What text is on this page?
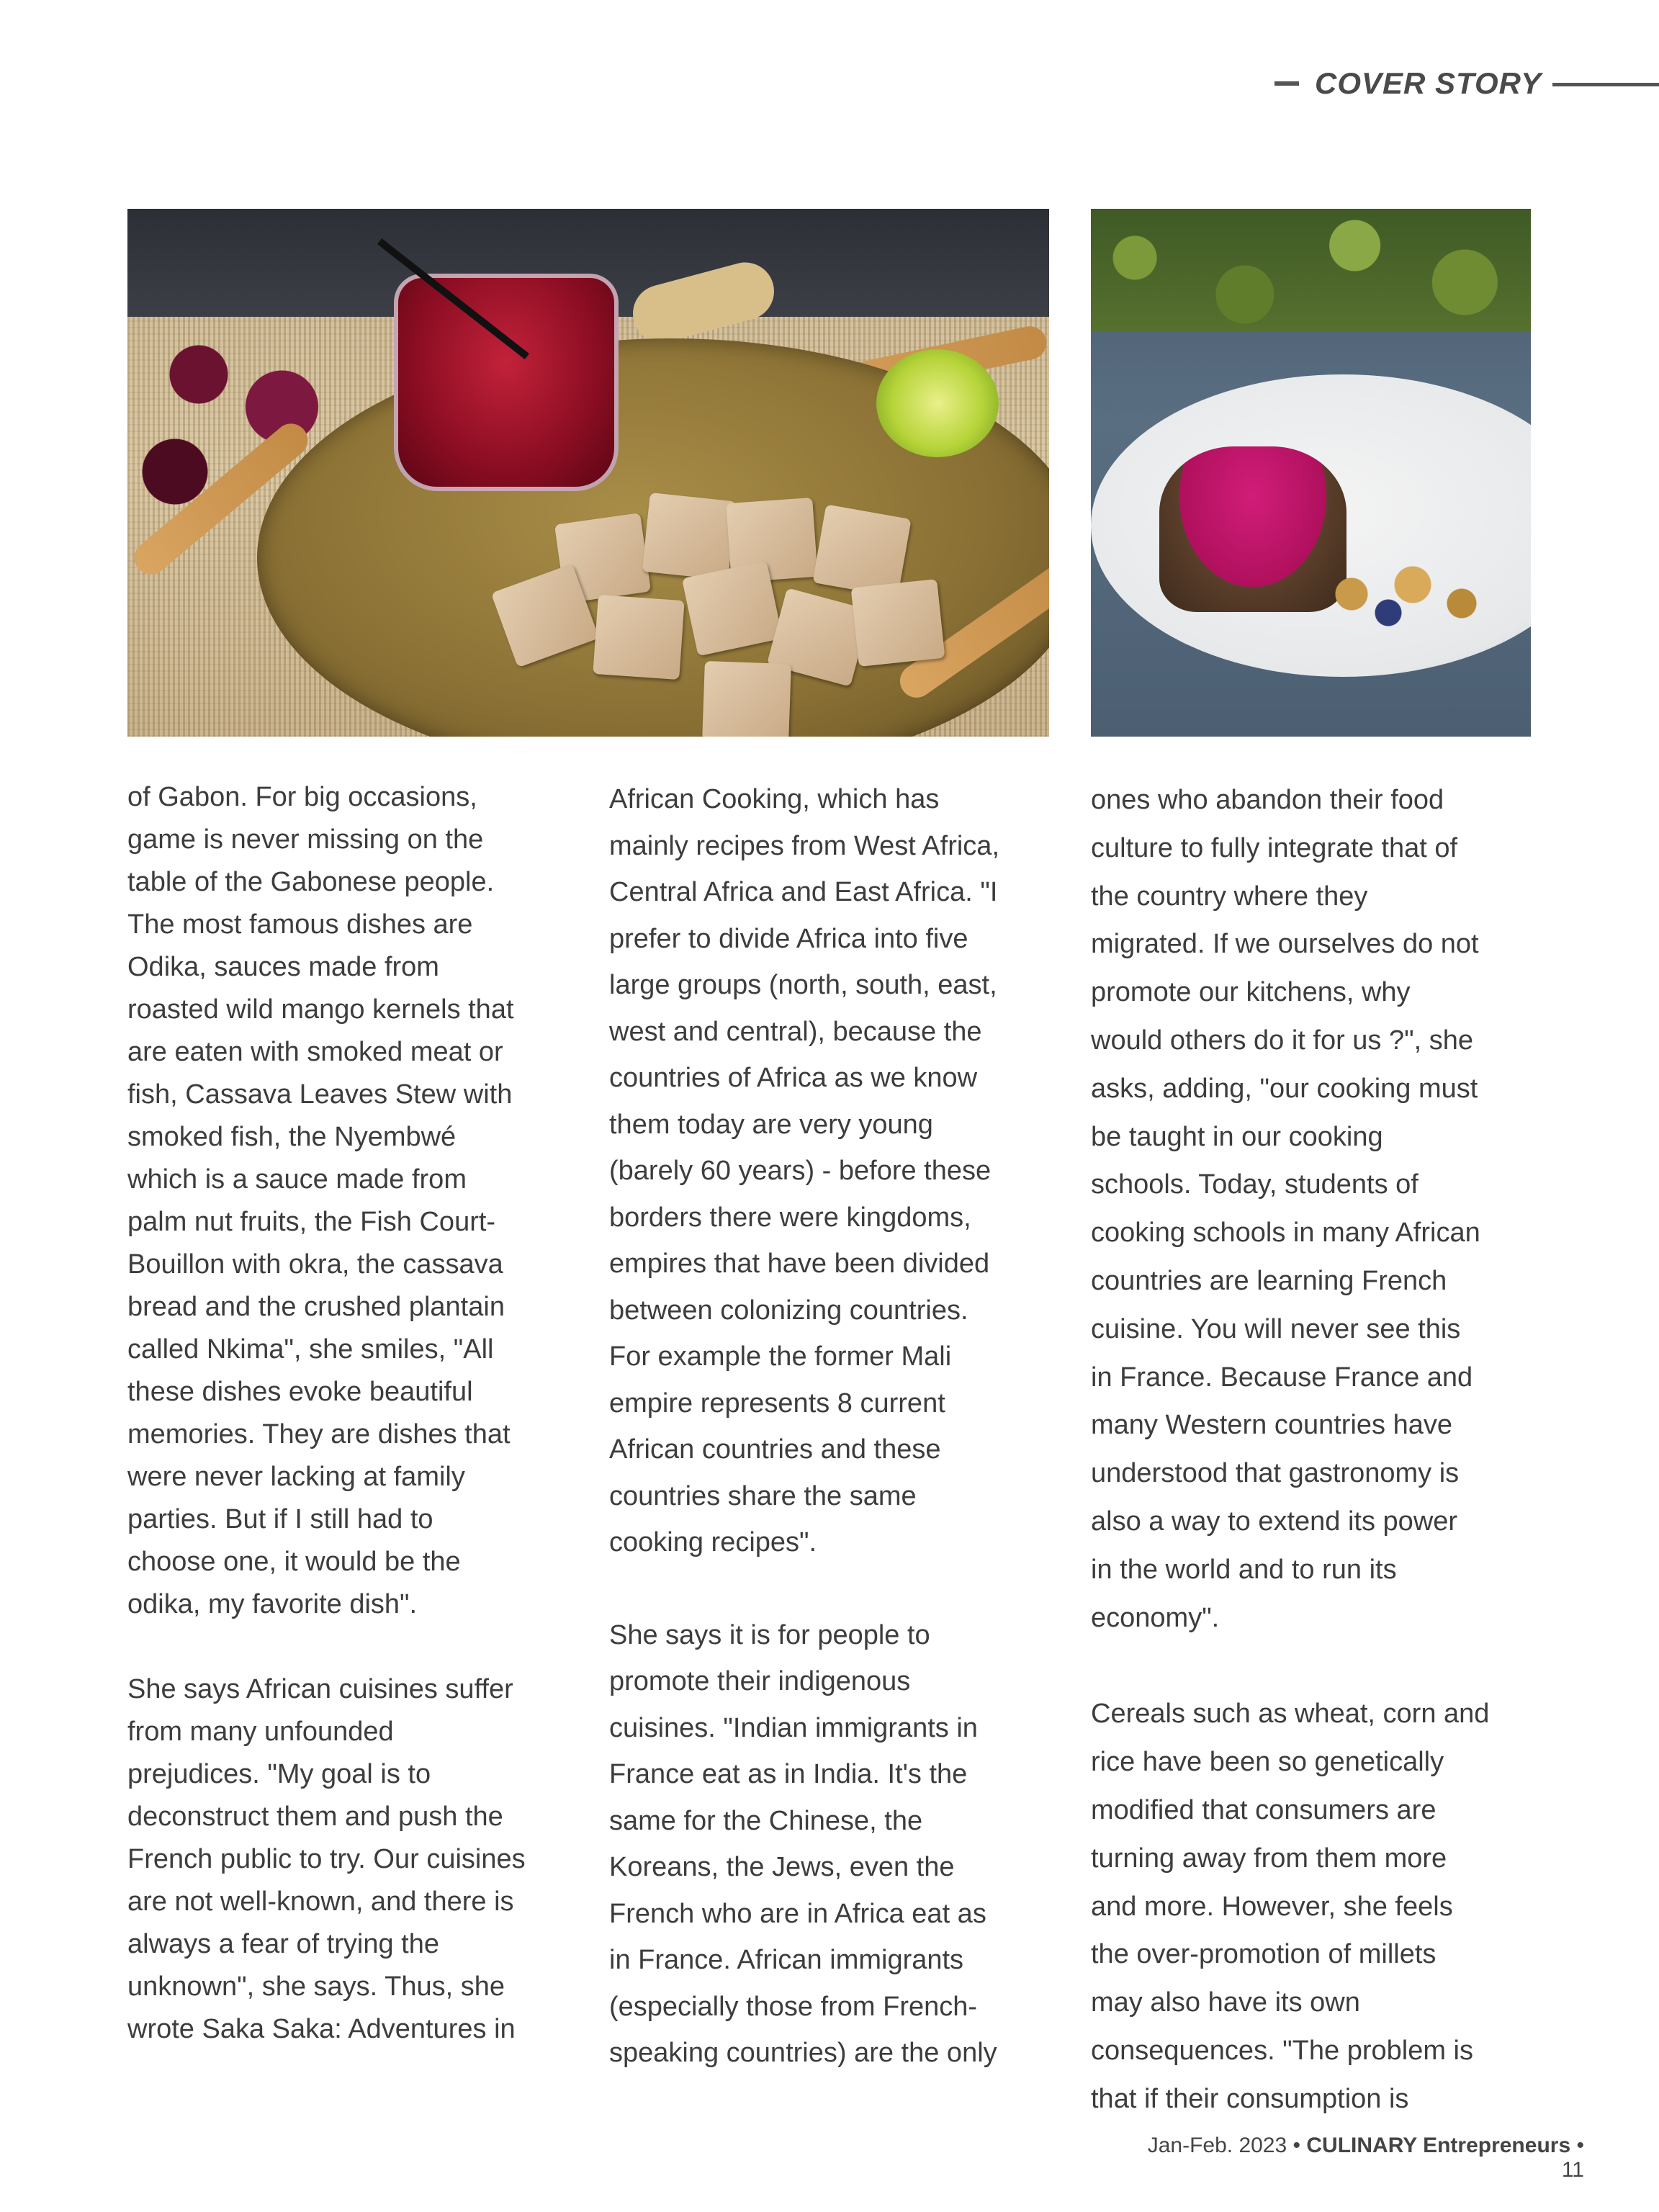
COVER STORY

of Gabon. For big occasions,
game is never missing on the
table of the Gabonese people.
The most famous dishes are
Odika, sauces made from
roasted wild mango kernels that
are eaten with smoked meat or
fish, Cassava Leaves Stew with
smoked fish, the Nyembwé
which is a sauce made from
palm nut fruits, the Fish Court-
Bouillon with okra, the cassava
bread and the crushed plantain
called Nkima", she smiles, "All
these dishes evoke beautiful
memories. They are dishes that
were never lacking at family
parties. But if I still had to
choose one, it would be the
odika, my favorite dish".

She says African cuisines suffer
from many unfounded
prejudices. "My goal is to
deconstruct them and push the
French public to try. Our cuisines
are not well-known, and there is
always a fear of trying the
unknown", she says. Thus, she
wrote Saka Saka: Adventures in

African Cooking, which has
mainly recipes from West Africa,
Central Africa and East Africa. "I
prefer to divide Africa into five
large groups (north, south, east,
west and central), because the
countries of Africa as we know
them today are very young
(barely 60 years) - before these
borders there were kingdoms,
empires that have been divided
between colonizing countries.
For example the former Mali
empire represents 8 current
African countries and these
countries share the same
cooking recipes".

She says it is for people to
promote their indigenous
cuisines. "Indian immigrants in
France eat as in India. It's the
same for the Chinese, the
Koreans, the Jews, even the
French who are in Africa eat as
in France. African immigrants
(especially those from French-
speaking countries) are the only

ones who abandon their food
culture to fully integrate that of
the country where they
migrated. If we ourselves do not
promote our kitchens, why
would others do it for us ?", she
asks, adding, "our cooking must
be taught in our cooking
schools. Today, students of
cooking schools in many African
countries are learning French
cuisine. You will never see this
in France. Because France and
many Western countries have
understood that gastronomy is
also a way to extend its power
in the world and to run its
economy".

Cereals such as wheat, corn and
rice have been so genetically
modified that consumers are
turning away from them more
and more. However, she feels
the over-promotion of millets
may also have its own
consequences. "The problem is
that if their consumption is

Jan-Feb. 2023 • CULINARY Entrepreneurs • 11
